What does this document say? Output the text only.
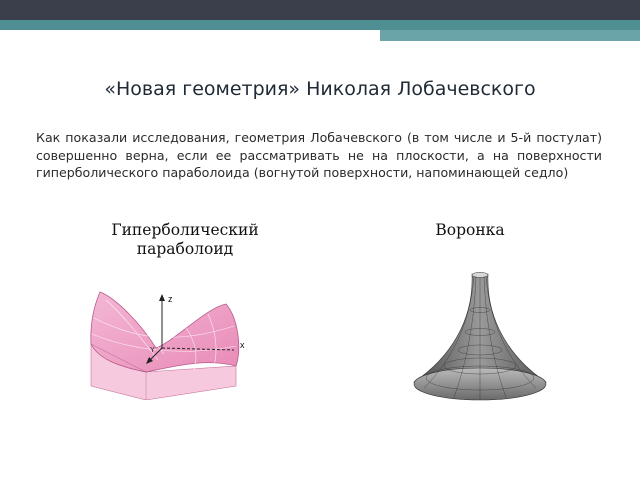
«Новая геометрия» Николая Лобачевского
Как показали исследования, геометрия Лобачевского (в том числе и 5-й постулат) совершенно верна, если ее рассматривать не на плоскости, а на поверхности гиперболического параболоида (вогнутой поверхности, напоминающей седло)
Гиперболический
параболоид
Воронка
z
x
Y
